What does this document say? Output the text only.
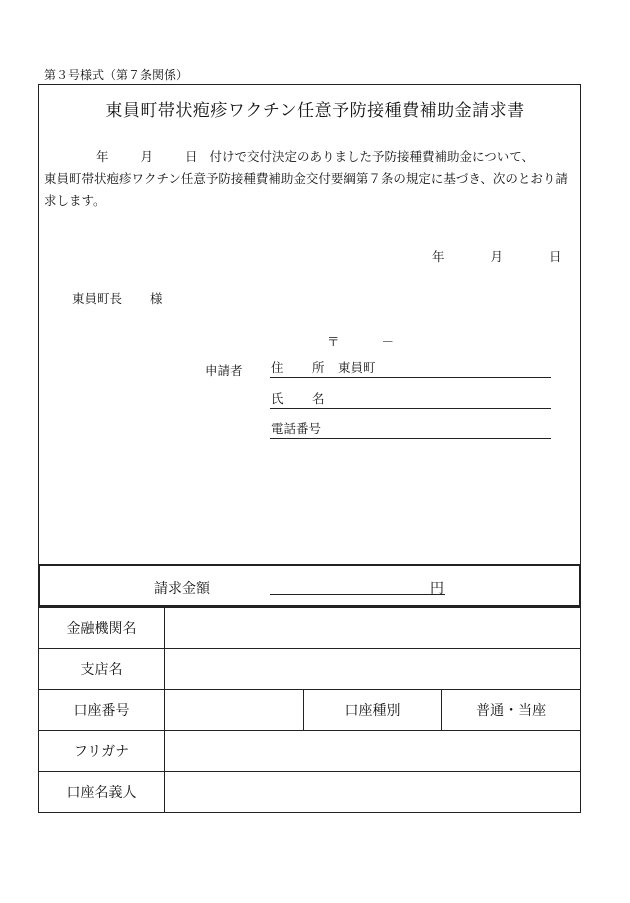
第３号様式（第７条関係）
東員町帯状疱疹ワクチン任意予防接種費補助金請求書
年	月	日 付けで交付決定のありました予防接種費補助金について、
東員町帯状疱疹ワクチン任意予防接種費補助金交付要綱第７条の規定に基づき、次のとおり請求します。
年	月	日
東員町長 様
〒	－
申請者 住 所 東員町
氏 名
電話番号
請求金額	円
金融機関名			
支店名			
口座番号		口座種別	普通・当座
フリガナ			
口座名義人			
